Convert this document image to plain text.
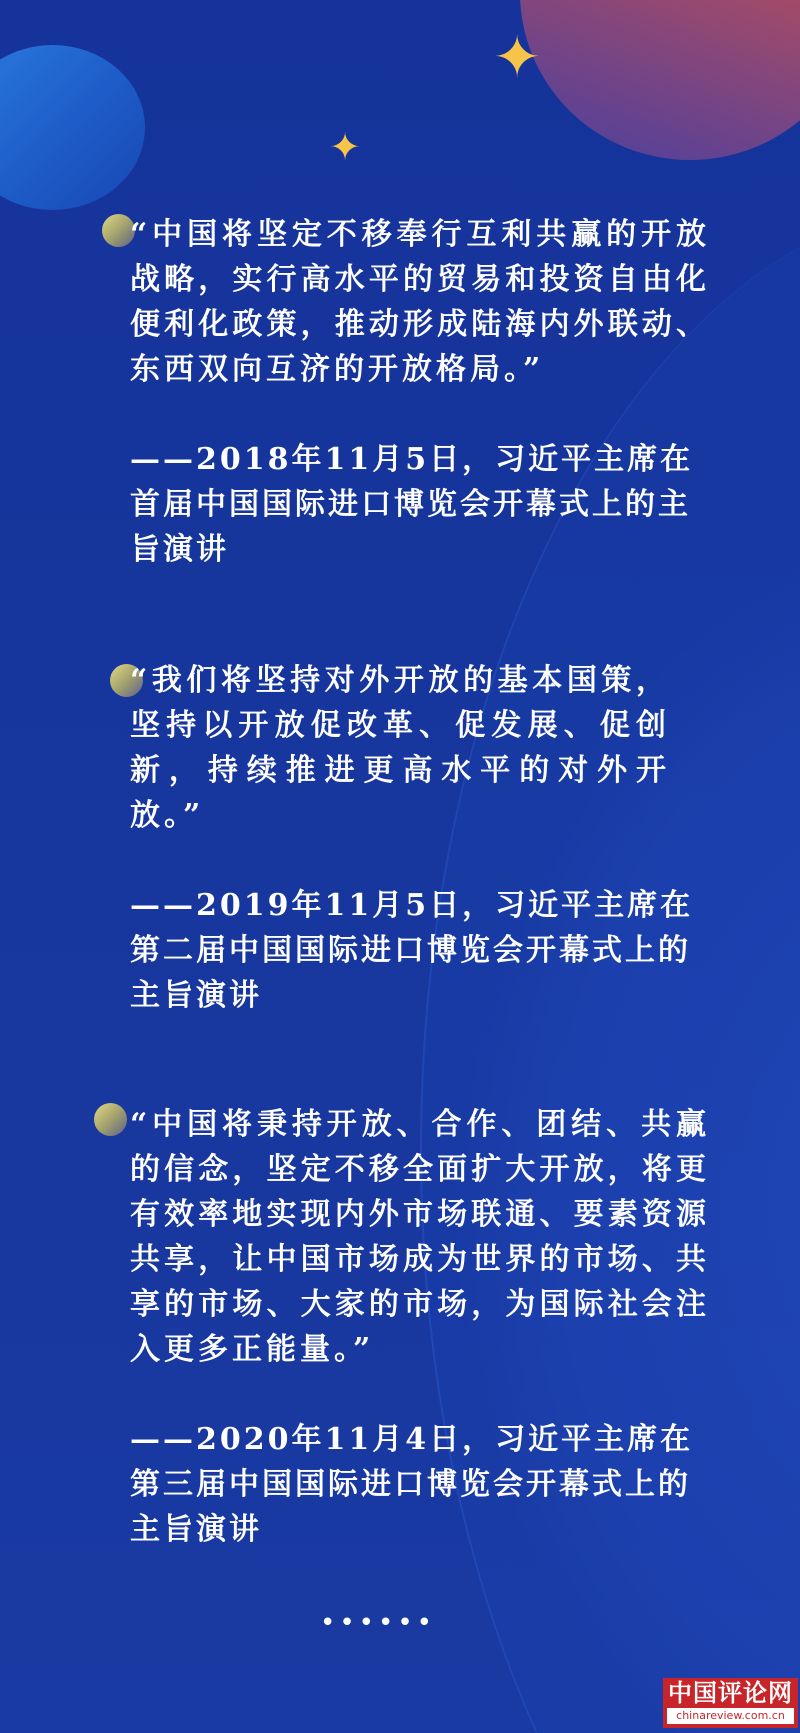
✦
✦

“中国将坚定不移奉行互利共赢的开放战略，实行高水平的贸易和投资自由化便利化政策，推动形成陆海内外联动、东西双向互济的开放格局。”

——2018年11月5日，习近平主席在首届中国国际进口博览会开幕式上的主旨演讲

“我们将坚持对外开放的基本国策，坚持以开放促改革、促发展、促创新，持续推进更高水平的对外开放。”

——2019年11月5日，习近平主席在第二届中国国际进口博览会开幕式上的主旨演讲

“中国将秉持开放、合作、团结、共赢的信念，坚定不移全面扩大开放，将更有效率地实现内外市场联通、要素资源共享，让中国市场成为世界的市场、共享的市场、大家的市场，为国际社会注入更多正能量。”

——2020年11月4日，习近平主席在第三届中国国际进口博览会开幕式上的主旨演讲

••••••
中国评论网
chinareview.com.cn
